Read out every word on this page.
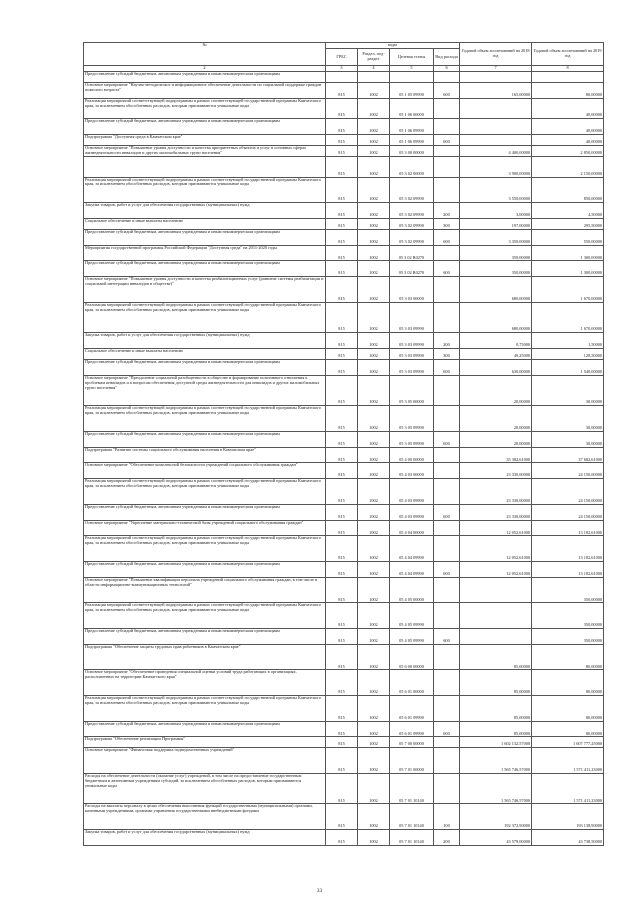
№	коды				Годовой объем ассигнований на 2018 год	Годовой объем ассигнований на 2019 год
	ГРБС	Раздел, под-раздел	Целевая статья	Вид расхода		
2	3	4	5	6	7	8
Предоставление субсидий бюджетным, автономным учреждениям и иным некоммерческим организациям						
Основное мероприятие "Научно-методическое и информационное обеспечение деятельности по социальной поддержке граждан пожилого возраста"	815	1002	05 1 05 09990	600	165,00000	80,00000
Реализация мероприятий соответствующей подпрограммы в рамках соответствующей государственной программы Камчатского края, за исключением обособленных расходов, которым присваиваются уникальные коды	815	1002	05 1 06 00000			40,00000
Предоставление субсидий бюджетным, автономным учреждениям и иным некоммерческим организациям	815	1002	05 1 06 09990			40,00000
Подпрограмма "Доступная среда в Камчатском крае"	815	1002	05 1 06 09990	600		40,00000
Основное мероприятие "Повышение уровня доступности и качества приоритетных объектов и услуг в основных сферах жизнедеятельности инвалидов и других маломобильных групп населения"	815	1002	05 3 00 00000		4 400,00000	2 850,00000
	815	1002	05 3 02 00000		3 900,00000	2 150,00000
Реализация мероприятий соответствующей подпрограммы в рамках соответствующей государственной программы Камчатского края, за исключением обособленных расходов, которым присваиваются уникальные коды	815	1002	05 3 02 09990		3 550,00000	850,00000
Закупка товаров, работ и услуг для обеспечения государственных (муниципальных) нужд	815	1002	05 3 02 09990	200	3,00000	4,50000
Социальное обеспечение и иные выплаты населению	815	1002	05 3 02 09990	300	197,00000	295,50000
Предоставление субсидий бюджетным, автономным учреждениям и иным некоммерческим организациям	815	1002	05 3 02 09990	600	3 350,00000	550,00000
Мероприятия государственной программы Российской Федерации "Доступная среда" на 2011-2020 годы	815	1002	05 3 02 R0270		350,00000	1 300,00000
Предоставление субсидий бюджетным, автономным учреждениям и иным некоммерческим организациям	815	1002	05 3 02 R0270	600	350,00000	1 300,00000
Основное мероприятие "Повышение уровня доступности и качества реабилитационных услуг (развитие системы реабилитации и социальной интеграции инвалидов в обществе)"	815	1002	05 3 03 00000		680,00000	1 670,00000
Реализация мероприятий соответствующей подпрограммы в рамках соответствующей государственной программы Камчатского края, за исключением обособленных расходов, которым присваиваются уникальные коды	815	1002	05 3 03 09990		680,00000	1 670,00000
Закупка товаров, работ и услуг для обеспечения государственных (муниципальных) нужд	815	1002	05 3 03 09990	200	0,75000	1,50000
Социальное обеспечение и иные выплаты населению	815	1002	05 3 03 09990	300	49,25000	128,50000
Предоставление субсидий бюджетным, автономным учреждениям и иным некоммерческим организациям	815	1002	05 3 03 09990	600	630,00000	1 540,00000
Основное мероприятие "Преодоление социальной разобщенности в обществе и формирование позитивного отношения к проблемам инвалидов и к вопросам обеспечения доступной среды жизнедеятельности для инвалидов и других маломобильных групп населения"	815	1002	05 3 05 00000		20,00000	30,00000
Реализация мероприятий соответствующей подпрограммы в рамках соответствующей государственной программы Камчатского края, за исключением обособленных расходов, которым присваиваются уникальные коды	815	1002	05 3 05 09990		20,00000	30,00000
Предоставление субсидий бюджетным, автономным учреждениям и иным некоммерческим организациям	815	1002	05 3 05 09990	600	20,00000	30,00000
Подпрограмма "Развитие системы социального обслуживания населения в Камчатском крае"	815	1002	05 4 00 00000		35 382,61000	37 682,61000
Основное мероприятие "Обеспечение комплексной безопасности учреждений социального обслуживания граждан"	815	1002	05 4 03 00000		23 330,00000	24 150,00000
Реализация мероприятий соответствующей подпрограммы в рамках соответствующей государственной программы Камчатского края, за исключением обособленных расходов, которым присваиваются уникальные коды	815	1002	05 4 03 09990		23 330,00000	24 150,00000
Предоставление субсидий бюджетным, автономным учреждениям и иным некоммерческим организациям	815	1002	05 4 03 09990	600	23 330,00000	24 150,00000
Основное мероприятие "Укрепление материально-технической базы учреждений социального обслуживания граждан"	815	1002	05 4 04 00000		12 052,61000	13 182,61000
Реализация мероприятий соответствующей подпрограммы в рамках соответствующей государственной программы Камчатского края, за исключением обособленных расходов, которым присваиваются уникальные коды	815	1002	05 4 04 09990		12 052,61000	13 182,61000
Предоставление субсидий бюджетным, автономным учреждениям и иным некоммерческим организациям	815	1002	05 4 04 09990	600	12 052,61000	13 182,61000
Основное мероприятие "Повышение квалификации персонала учреждений социального обслуживания граждан, в том числе в области информационно-коммуникационных технологий"	815	1002	05 4 05 00000			350,00000
Реализация мероприятий соответствующей подпрограммы в рамках соответствующей государственной программы Камчатского края, за исключением обособленных расходов, которым присваиваются уникальные коды	815	1002	05 4 05 09990			350,00000
Предоставление субсидий бюджетным, автономным учреждениям и иным некоммерческим организациям	815	1002	05 4 05 09990	600		350,00000
Подпрограмма "Обеспечение защиты трудовых прав работников в Камчатском крае"	815	1002	05 6 00 00000		85,00000	80,00000
Основное мероприятие "Обеспечение проведения специальной оценки условий труда работающих в организациях, расположенных на территории Камчатского края"	815	1002	05 6 01 00000		85,00000	80,00000
Реализация мероприятий соответствующей подпрограммы в рамках соответствующей государственной программы Камчатского края, за исключением обособленных расходов, которым присваиваются уникальные коды	815	1002	05 6 01 09990		85,00000	80,00000
Предоставление субсидий бюджетным, автономным учреждениям и иным некоммерческим организациям	815	1002	05 6 01 09990	600	85,00000	80,00000
Подпрограмма "Обеспечение реализации Программы"	815	1002	05 7 00 00000		1 602 132,57000	1 607 777,25000
Основное мероприятие "Финансовая поддержка подведомственных учреждений"	815	1002	05 7 01 00000		1 565 746,57000	1 571 411,23000
Расходы на обеспечение деятельности (оказание услуг) учреждений, в том числе на предоставление государственным бюджетным и автономным учреждениям субсидий, за исключением обособленных расходов, которым присваиваются уникальные коды	815	1002	05 7 01 10140		1 565 746,57000	1 571 411,23000
Расходы на выплаты персоналу в целях обеспечения выполнения функций государственными (муниципальными) органами, казенными учреждениями, органами управления государственными внебюджетными фондами	815	1002	05 7 01 10140	100	192 372,90000	193 138,90000
Закупка товаров, работ и услуг для обеспечения государственных (муниципальных) нужд	815	1002	05 7 01 10140	200	43 579,00000	43 738,50000
33
